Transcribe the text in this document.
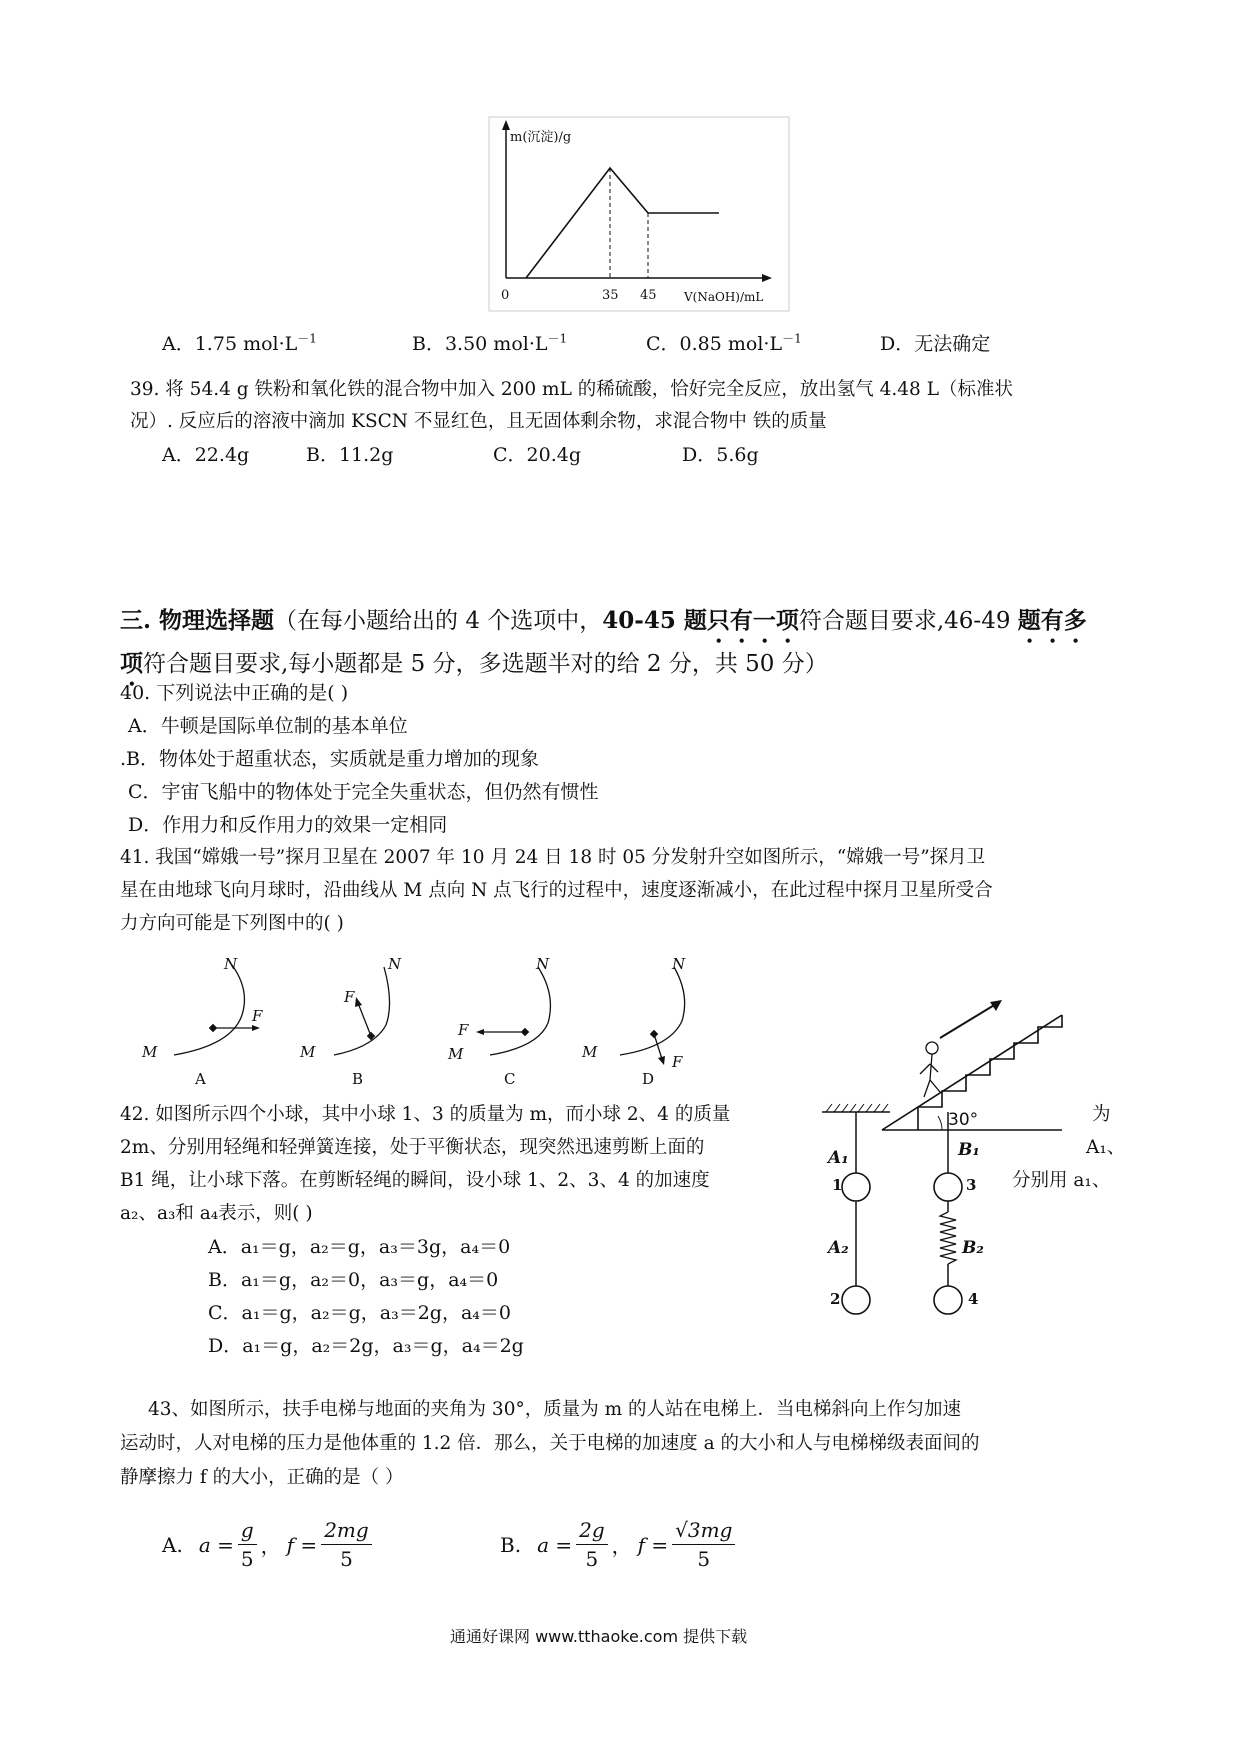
m(沉淀)/g
0	35 45 V(NaOH)/mL
A．1.75 $mol\cdot L^{-1}$	B．3.50 $mol\cdot L^{-1}$	C．0.85 $mol\cdot L^{-1}$	D．无法确定
39. 将 54.4 g 铁粉和氧化铁的混合物中加入 200 mL 的稀硫酸，恰好完全反应，放出氢气 4.48 L（标准状
况）. 反应后的溶液中滴加 KSCN 不显红色，且无固体剩余物，求混合物中 铁的质量
A．22.4g	B．11.2g	C．20.4g	D．5.6g
三. 物理选择题（在每小题给出的 4 个选项中，40-45 题只有一项符合题目要求,46-49 题有多
项符合题目要求,每小题都是 5 分，多选题半对的给 2 分，共 50 分）
40. 下列说法中正确的是( )
A．牛顿是国际单位制的基本单位
.B．物体处于超重状态，实质就是重力增加的现象
C．宇宙飞船中的物体处于完全失重状态，但仍然有惯性
D．作用力和反作用力的效果一定相同
41. 我国“嫦娥一号”探月卫星在 2007 年 10 月 24 日 18 时 05 分发射升空如图所示，“嫦娥一号”探月卫
星在由地球飞向月球时，沿曲线从 M 点向 N 点飞行的过程中，速度逐渐减小，在此过程中探月卫星所受合
力方向可能是下列图中的( )
N
F
M
A
N
F
M
B
N
F
M
C
N
F
M
D
30°
42. 如图所示四个小球，其中小球 1、3 的质量为 m，而小球 2、4 的质量	为
2m、分别用轻绳和轻弹簧连接，处于平衡状态，现突然迅速剪断上面的	A₁、
B1 绳，让小球下落。在剪断轻绳的瞬间，设小球 1、2、3、4 的加速度	分别用 a₁、
a₂、a₃和 a₄表示，则( )
A．a₁＝g，a₂＝g，a₃＝3g，a₄＝0
B．a₁＝g，a₂＝0，a₃＝g，a₄＝0
C．a₁＝g，a₂＝g，a₃＝2g，a₄＝0
D．a₁＝g，a₂＝2g，a₃＝g，a₄＝2g
A₁
A₂
B₁
B₂
1
2
3
4
43、如图所示，扶手电梯与地面的夹角为 30°，质量为 m 的人站在电梯上．当电梯斜向上作匀加速
运动时，人对电梯的压力是他体重的 1.2 倍．那么，关于电梯的加速度 a 的大小和人与电梯梯级表面间的
静摩擦力 f 的大小，正确的是（ ）
A. $a = \frac{g}{5}$ ， $f = \frac{2mg}{5}$	B. $a = \frac{2g}{5}$ ， $f = \frac{√3mg}{5}$
通通好课网 www.tthaoke.com 提供下载
